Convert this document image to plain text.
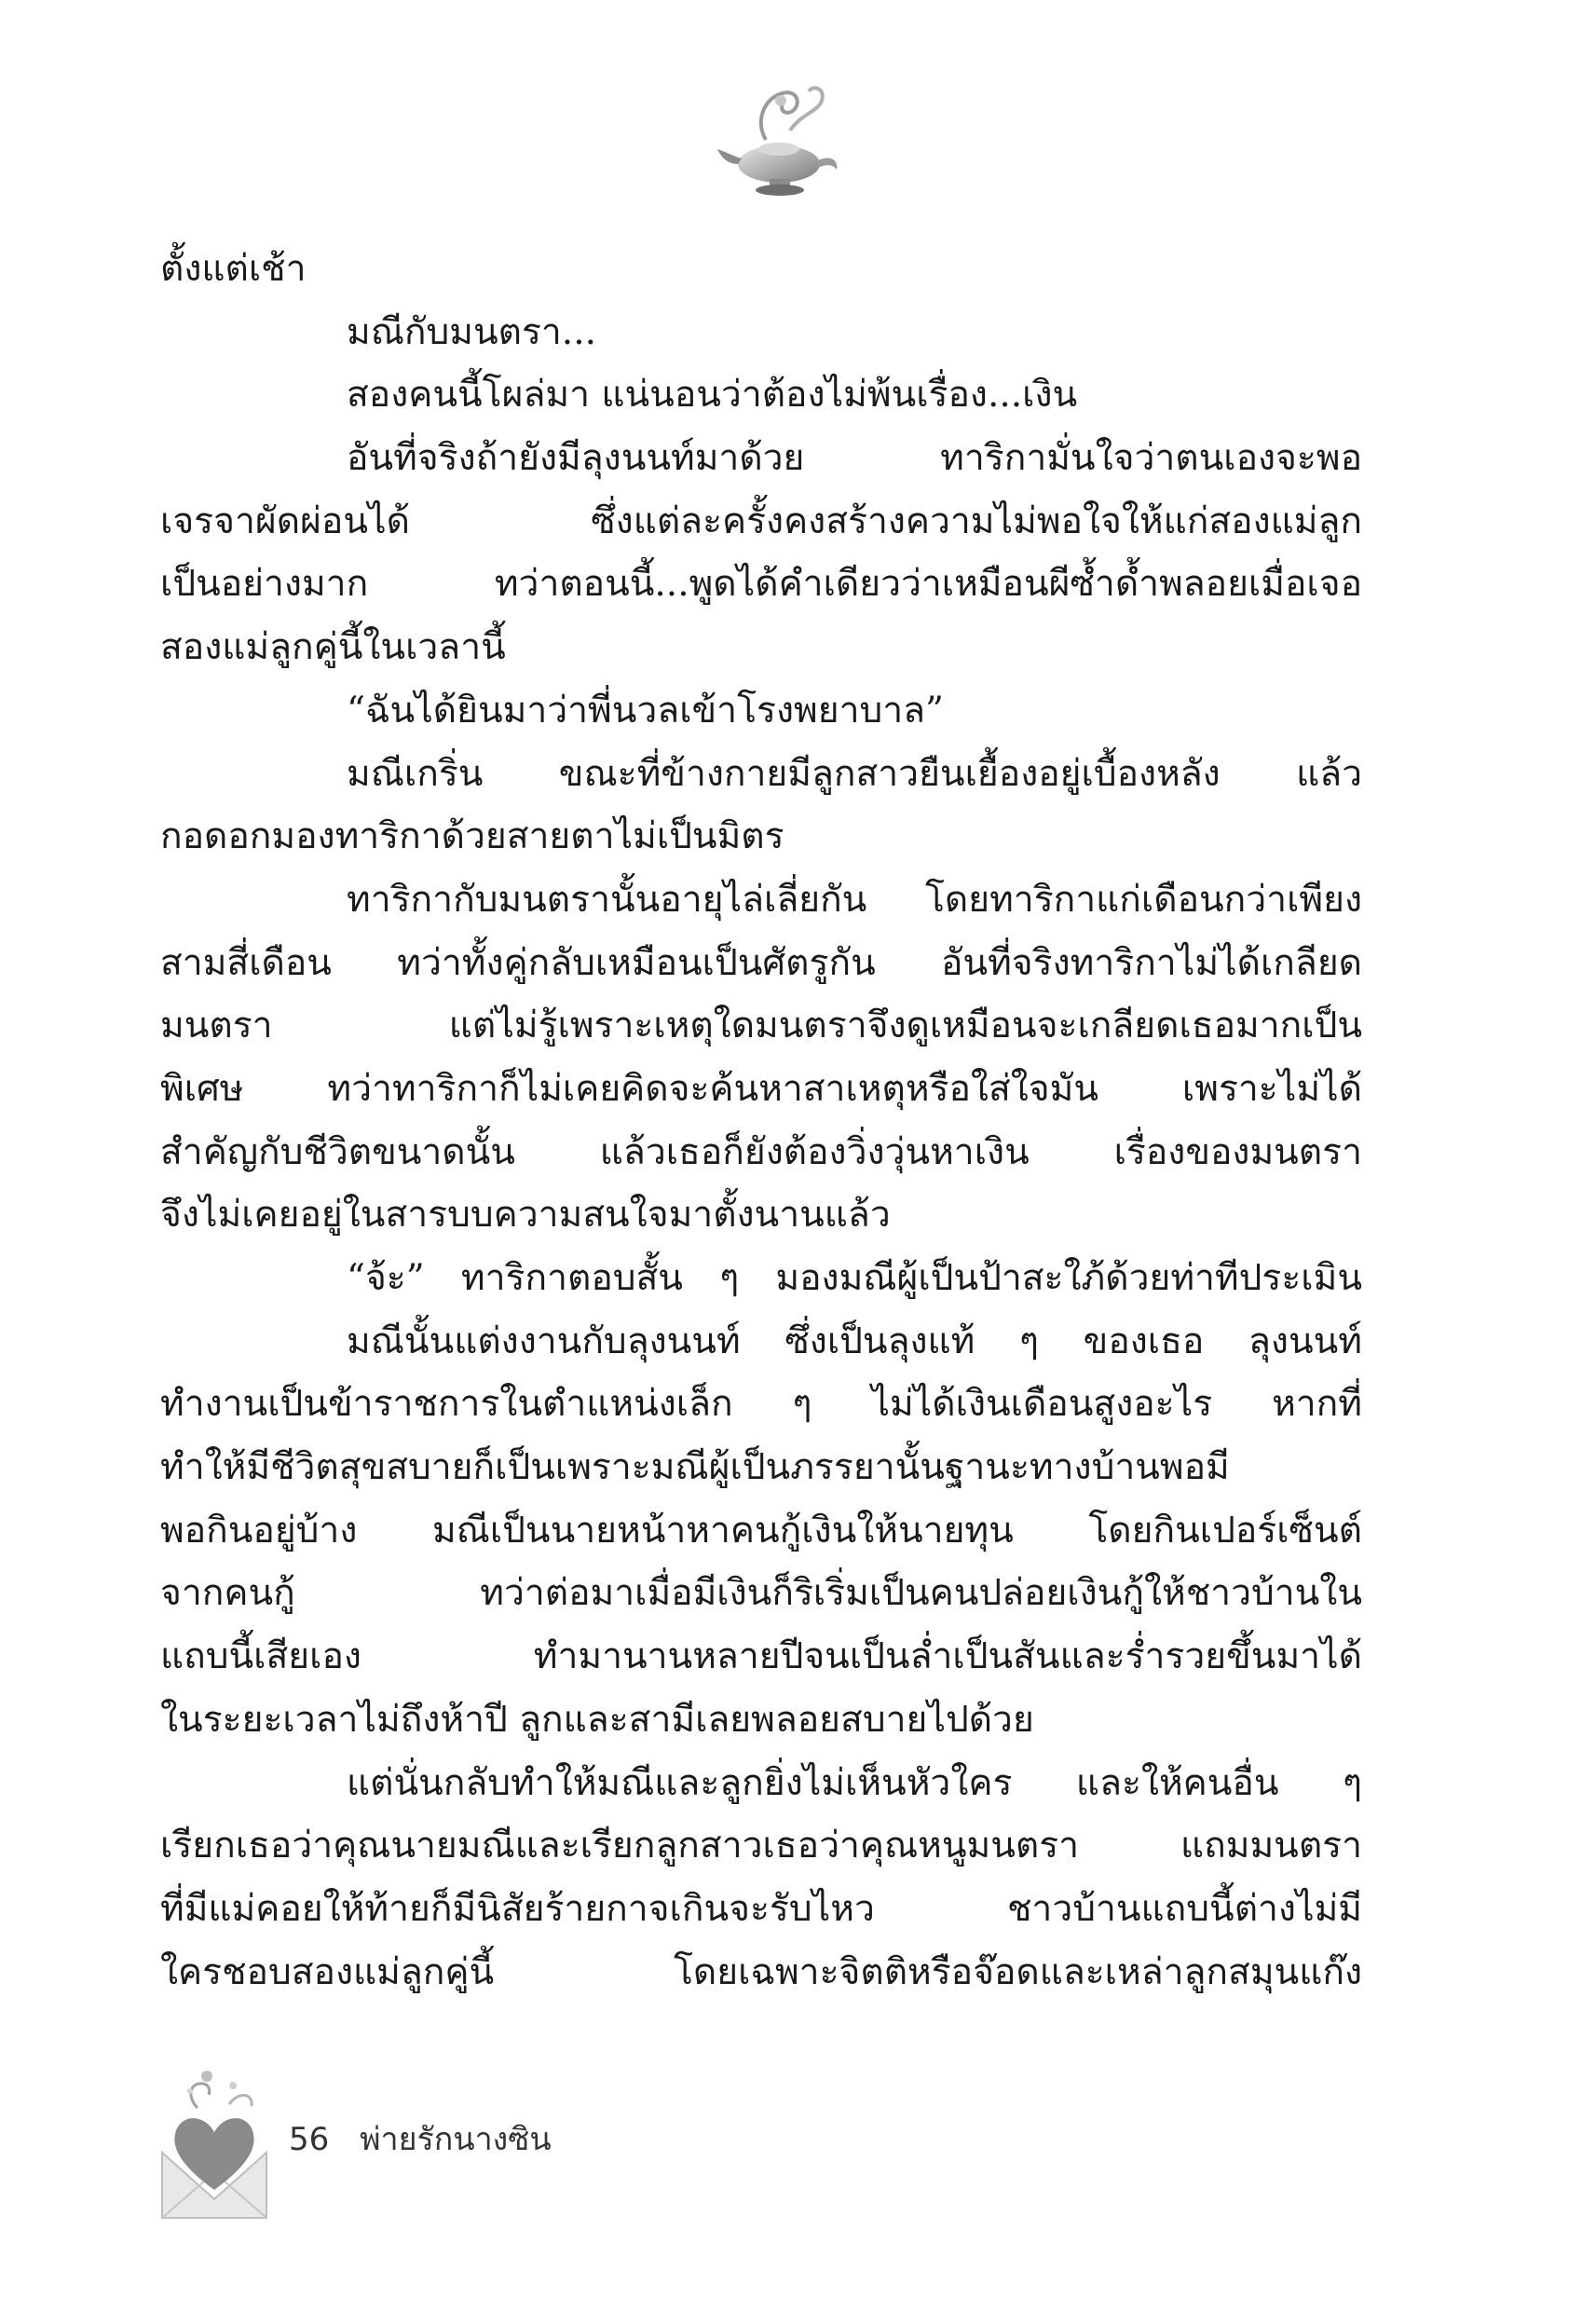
ตั้งแต่เช้า
มณีกับมนตรา...
สองคนนี้โผล่มา แน่นอนว่าต้องไม่พ้นเรื่อง...เงิน
อันที่จริงถ้ายังมีลุงนนท์มาด้วย ทาริกามั่นใจว่าตนเองจะพอ
เจรจาผัดผ่อนได้ ซึ่งแต่ละครั้งคงสร้างความไม่พอใจให้แก่สองแม่ลูก
เป็นอย่างมาก ทว่าตอนนี้...พูดได้คำเดียวว่าเหมือนผีซ้ำด้ำพลอยเมื่อเจอ
สองแม่ลูกคู่นี้ในเวลานี้
“ฉันได้ยินมาว่าพี่นวลเข้าโรงพยาบาล”
มณีเกริ่น ขณะที่ข้างกายมีลูกสาวยืนเยื้องอยู่เบื้องหลัง แล้ว
กอดอกมองทาริกาด้วยสายตาไม่เป็นมิตร
ทาริกากับมนตรานั้นอายุไล่เลี่ยกัน โดยทาริกาแก่เดือนกว่าเพียง
สามสี่เดือน ทว่าทั้งคู่กลับเหมือนเป็นศัตรูกัน อันที่จริงทาริกาไม่ได้เกลียด
มนตรา แต่ไม่รู้เพราะเหตุใดมนตราจึงดูเหมือนจะเกลียดเธอมากเป็น
พิเศษ ทว่าทาริกาก็ไม่เคยคิดจะค้นหาสาเหตุหรือใส่ใจมัน เพราะไม่ได้
สำคัญกับชีวิตขนาดนั้น แล้วเธอก็ยังต้องวิ่งวุ่นหาเงิน เรื่องของมนตรา
จึงไม่เคยอยู่ในสารบบความสนใจมาตั้งนานแล้ว
“จ้ะ” ทาริกาตอบสั้น ๆ มองมณีผู้เป็นป้าสะใภ้ด้วยท่าทีประเมิน
มณีนั้นแต่งงานกับลุงนนท์ ซึ่งเป็นลุงแท้ ๆ ของเธอ ลุงนนท์
ทำงานเป็นข้าราชการในตำแหน่งเล็ก ๆ ไม่ได้เงินเดือนสูงอะไร หากที่
ทำให้มีชีวิตสุขสบายก็เป็นเพราะมณีผู้เป็นภรรยานั้นฐานะทางบ้านพอมี
พอกินอยู่บ้าง มณีเป็นนายหน้าหาคนกู้เงินให้นายทุน โดยกินเปอร์เซ็นต์
จากคนกู้ ทว่าต่อมาเมื่อมีเงินก็ริเริ่มเป็นคนปล่อยเงินกู้ให้ชาวบ้านใน
แถบนี้เสียเอง ทำมานานหลายปีจนเป็นล่ำเป็นสันและร่ำรวยขึ้นมาได้
ในระยะเวลาไม่ถึงห้าปี ลูกและสามีเลยพลอยสบายไปด้วย
แต่นั่นกลับทำให้มณีและลูกยิ่งไม่เห็นหัวใคร และให้คนอื่น ๆ
เรียกเธอว่าคุณนายมณีและเรียกลูกสาวเธอว่าคุณหนูมนตรา แถมมนตรา
ที่มีแม่คอยให้ท้ายก็มีนิสัยร้ายกาจเกินจะรับไหว ชาวบ้านแถบนี้ต่างไม่มี
ใครชอบสองแม่ลูกคู่นี้ โดยเฉพาะจิตติหรือจ๊อดและเหล่าลูกสมุนแก๊ง
56 พ่ายรักนางซิน
